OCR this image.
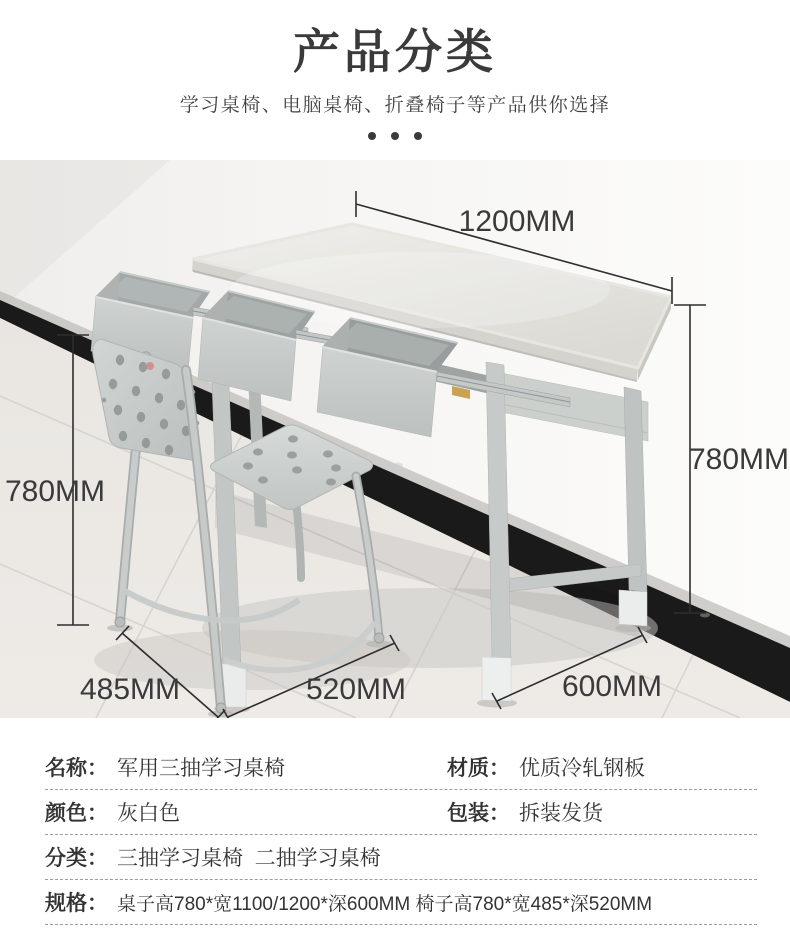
产品分类
学习桌椅、电脑桌椅、折叠椅子等产品供你选择
1200MM
780MM
780MM
485MM	520MM	600MM
名称： 军用三抽学习桌椅	材质： 优质冷轧钢板
颜色： 灰白色	包装： 拆装发货
分类： 三抽学习桌椅  二抽学习桌椅
规格： 桌子高780*宽1100/1200*深600MM 椅子高780*宽485*深520MM
